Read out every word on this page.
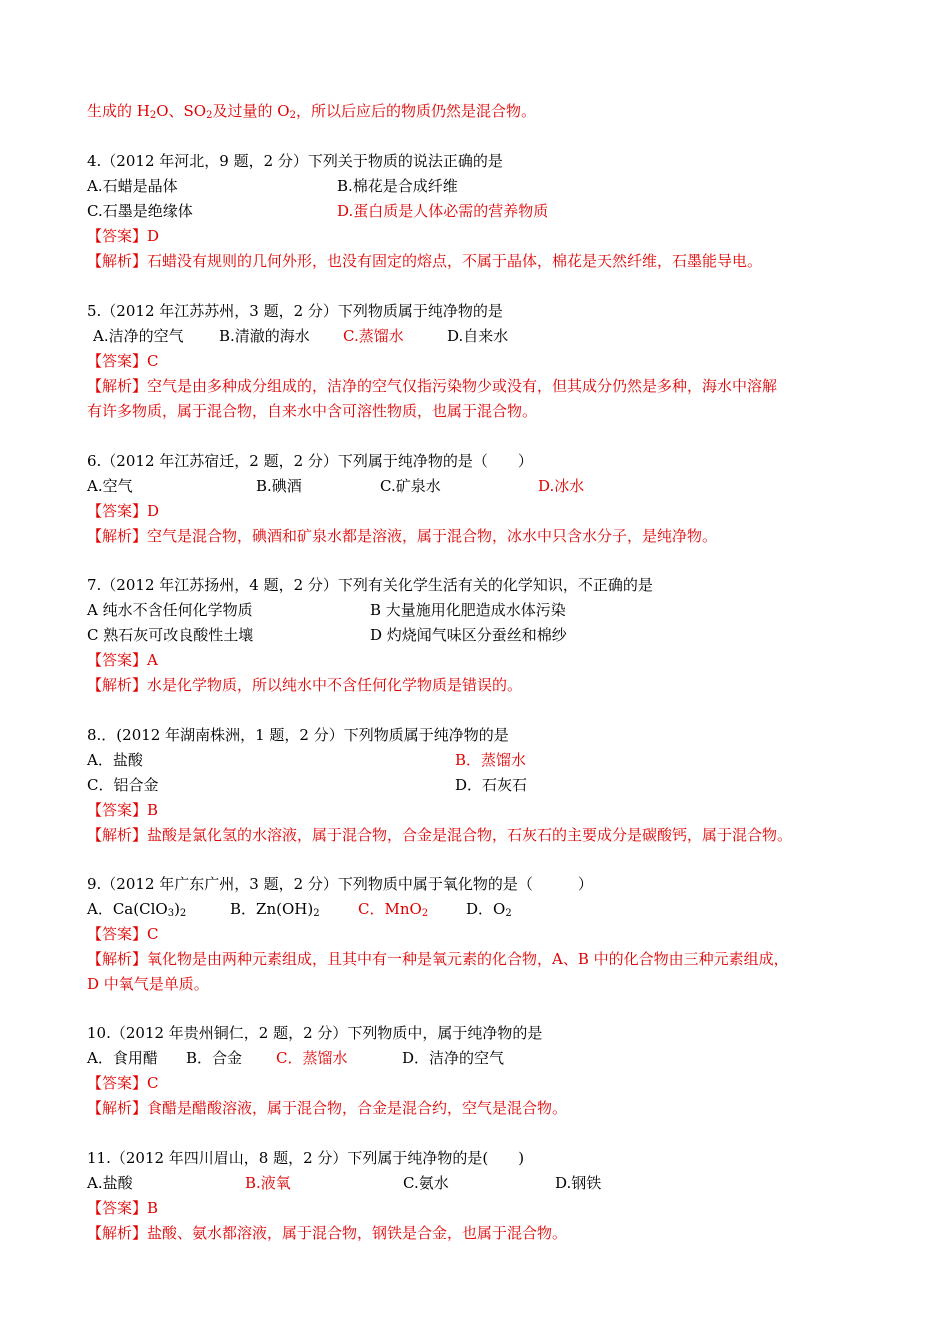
生成的 $H_2O$、$SO_2$及过量的 $O_2$，所以后应后的物质仍然是混合物。
4.（2012 年河北，9 题，2 分）下列关于物质的说法正确的是
A.石蜡是晶体	B.棉花是合成纤维
C.石墨是绝缘体	D.蛋白质是人体必需的营养物质
【答案】D
【解析】石蜡没有规则的几何外形，也没有固定的熔点，不属于晶体，棉花是天然纤维，石墨能导电。
5.（2012 年江苏苏州，3 题，2 分）下列物质属于纯净物的是
A.洁净的空气 B.清澈的海水 C.蒸馏水	D.自来水
【答案】C
【解析】空气是由多种成分组成的，洁净的空气仅指污染物少或没有，但其成分仍然是多种，海水中溶解
有许多物质，属于混合物，自来水中含可溶性物质，也属于混合物。
6.（2012 年江苏宿迁，2 题，2 分）下列属于纯净物的是（　　）
A.空气	B.碘酒	C.矿泉水	D.冰水
【答案】D
【解析】空气是混合物，碘酒和矿泉水都是溶液，属于混合物，冰水中只含水分子，是纯净物。
7.（2012 年江苏扬州，4 题，2 分）下列有关化学生活有关的化学知识，不正确的是
A 纯水不含任何化学物质	B 大量施用化肥造成水体污染
C 熟石灰可改良酸性土壤	D 灼烧闻气味区分蚕丝和棉纱
【答案】A
【解析】水是化学物质，所以纯水中不含任何化学物质是错误的。
8.．(2012 年湖南株洲，1 题，2 分）下列物质属于纯净物的是
A．盐酸	B．蒸馏水
C．铝合金	D．石灰石
【答案】B
【解析】盐酸是氯化氢的水溶液，属于混合物，合金是混合物，石灰石的主要成分是碳酸钙，属于混合物。
9.（2012 年广东广州，3 题，2 分）下列物质中属于氧化物的是（　　　）
A．$Ca(ClO_3)_2$	B．$Zn(OH)_2$	C．MnO$_2$	D．$O_2$
【答案】C
【解析】氧化物是由两种元素组成，且其中有一种是氧元素的化合物，A、B 中的化合物由三种元素组成，
D 中氧气是单质。
10.（2012 年贵州铜仁，2 题，2 分）下列物质中，属于纯净物的是
A．食用醋 B．合金 C．蒸馏水	D．洁净的空气
【答案】C
【解析】食醋是醋酸溶液，属于混合物，合金是混合约，空气是混合物。
11.（2012 年四川眉山，8 题，2 分）下列属于纯净物的是(　　)
A.盐酸	B.液氧	C.氨水	D.钢铁
【答案】B
【解析】盐酸、氨水都溶液，属于混合物，钢铁是合金，也属于混合物。
